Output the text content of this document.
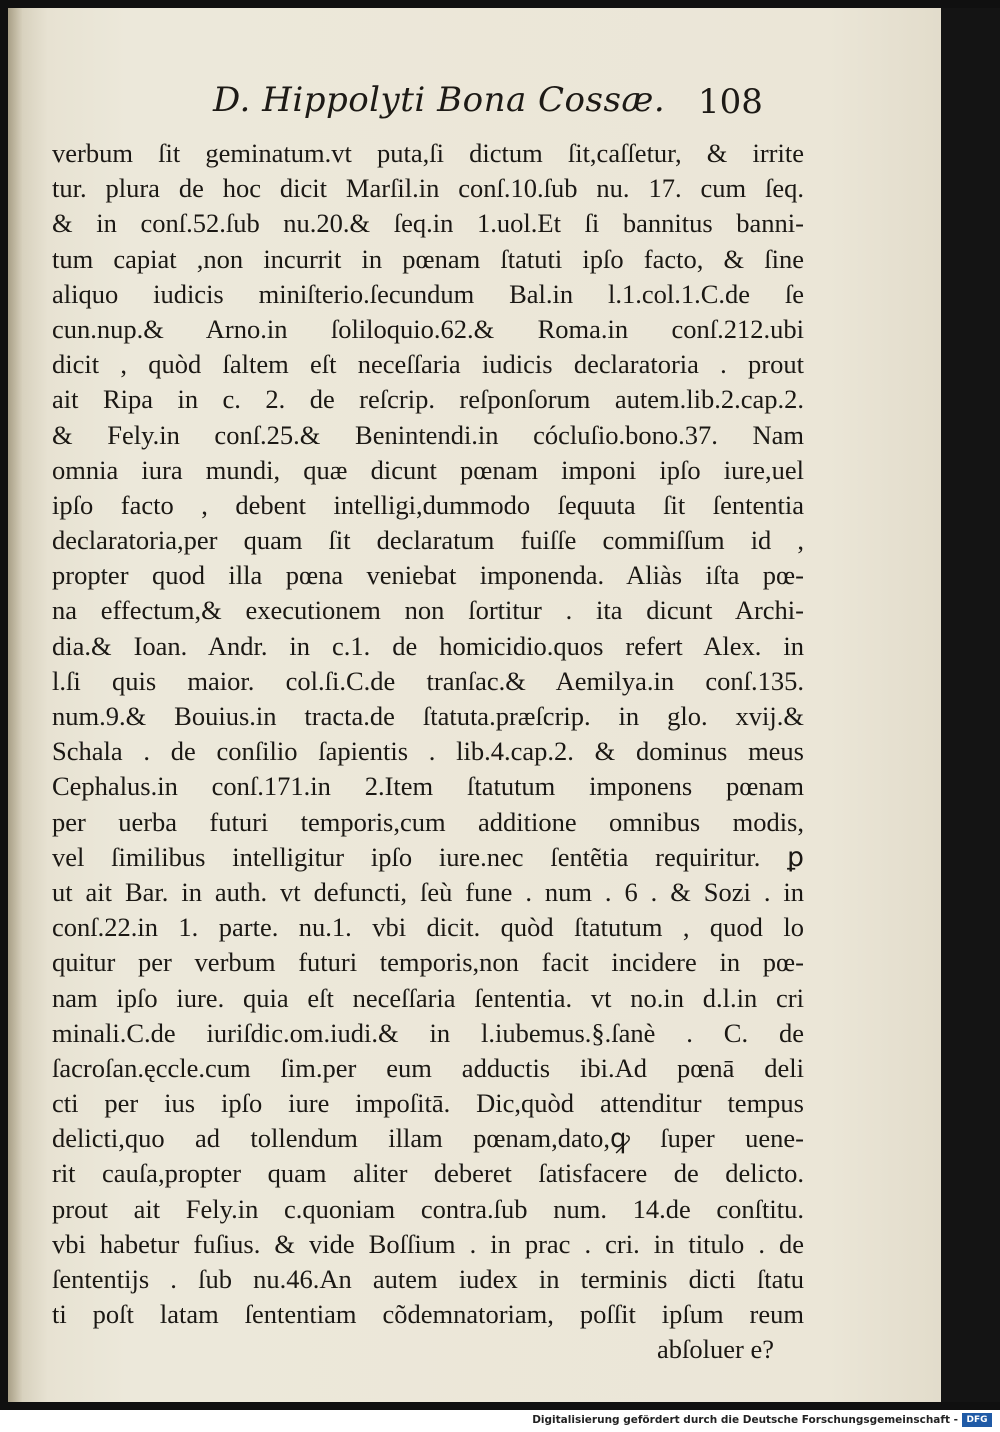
D. Hippolyti Bona Cossæ. 108
verbum ſit geminatum.vt puta,ſi dictum ſit,caſſetur, & irrite
tur. plura de hoc dicit Marſil.in conſ.10.ſub nu. 17. cum ſeq.
& in conſ.52.ſub nu.20.& ſeq.in 1.uol.Et ſi bannitus banni-
tum capiat ,non incurrit in pœnam ſtatuti ipſo facto, & ſine
aliquo iudicis miniſterio.ſecundum Bal.in l.1.col.1.C.de ſe
cun.nup.& Arno.in ſoliloquio.62.& Roma.in conſ.212.ubi
dicit , quòd ſaltem eſt neceſſaria iudicis declaratoria . prout
ait Ripa in c. 2. de reſcrip. reſponſorum autem.lib.2.cap.2.
& Fely.in conſ.25.& Benintendi.in cócluſio.bono.37. Nam
omnia iura mundi, quæ dicunt pœnam imponi ipſo iure,uel
ipſo facto , debent intelligi,dummodo ſequuta ſit ſententia
declaratoria,per quam ſit declaratum fuiſſe commiſſum id ,
propter quod illa pœna veniebat imponenda. Aliàs iſta pœ-
na effectum,& executionem non ſortitur . ita dicunt Archi-
dia.& Ioan. Andr. in c.1. de homicidio.quos refert Alex. in
l.ſi quis maior. col.ſi.C.de tranſac.& Aemilya.in conſ.135.
num.9.& Bouius.in tracta.de ſtatuta.præſcrip. in glo. xvij.&
Schala . de conſilio ſapientis . lib.4.cap.2. & dominus meus
Cephalus.in conſ.171.in 2.Item ſtatutum imponens pœnam
per uerba futuri temporis,cum additione omnibus modis,
vel ſimilibus intelligitur ipſo iure.nec ſentẽtia requiritur. ꝑ
ut ait Bar. in auth. vt defuncti, ſeù fune . num . 6 . & Sozi . in
conſ.22.in 1. parte. nu.1. vbi dicit. quòd ſtatutum , quod lo
quitur per verbum futuri temporis,non facit incidere in pœ-
nam ipſo iure. quia eſt neceſſaria ſententia. vt no.in d.l.in cri
minali.C.de iuriſdic.om.iudi.& in l.iubemus.§.ſanè . C. de
ſacroſan.ęccle.cum ſim.per eum adductis ibi.Ad pœnā deli
cti per ius ipſo iure impoſitā. Dic,quòd attenditur tempus
delicti,quo ad tollendum illam pœnam,dato,ꝙ ſuper uene-
rit cauſa,propter quam aliter deberet ſatisfacere de delicto.
prout ait Fely.in c.quoniam contra.ſub num. 14.de conſtitu.
vbi habetur fuſius. & vide Boſſium . in prac . cri. in titulo . de
ſententijs . ſub nu.46.An autem iudex in terminis dicti ſtatu
ti poſt latam ſententiam cõdemnatoriam, poſſit ipſum reum
abſoluer e?
Digitalisierung gefördert durch die Deutsche Forschungsgemeinschaft - DFG
